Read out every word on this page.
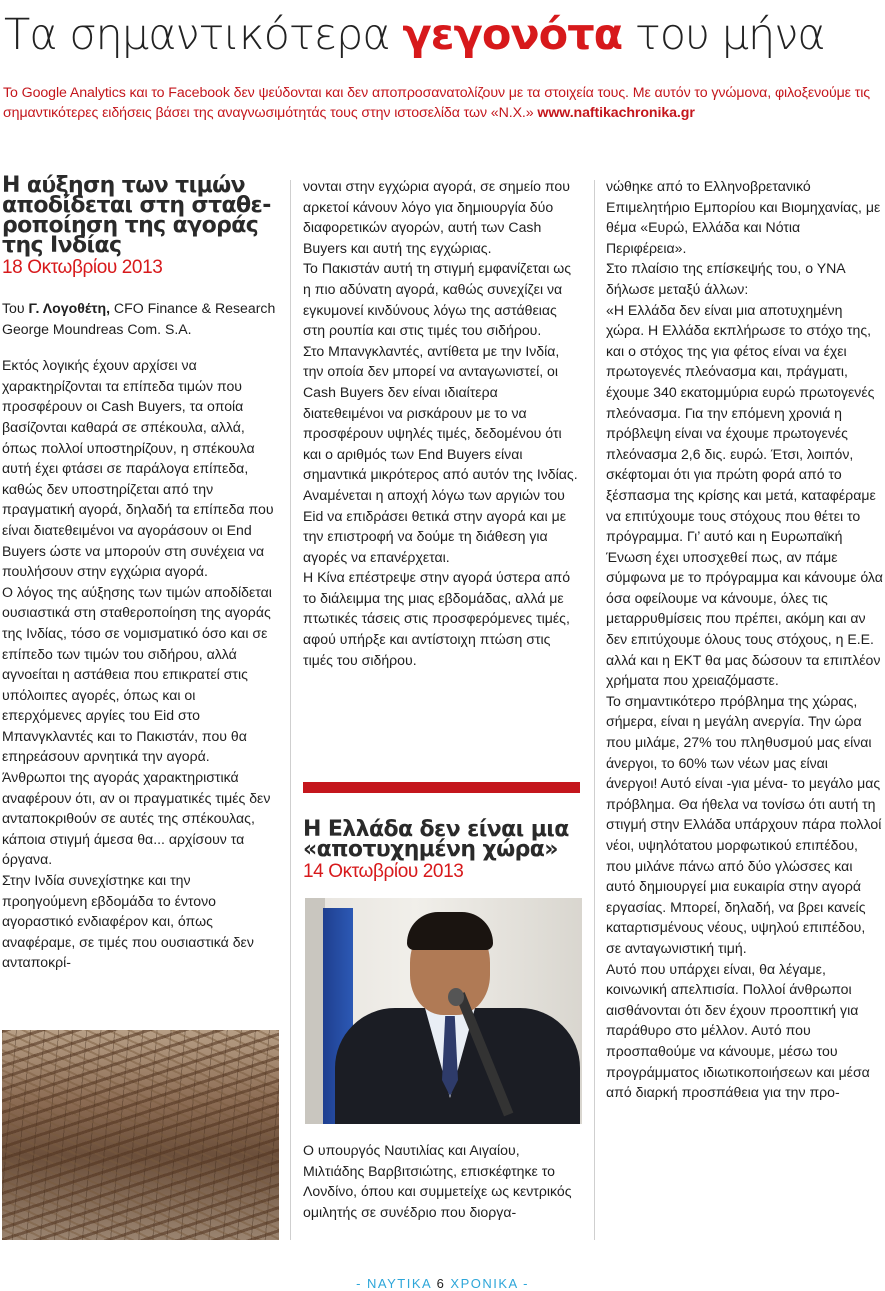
Τα σημαντικότερα γεγονότα του μήνα
Το Google Analytics και το Facebook δεν ψεύδονται και δεν αποπροσανατολίζουν με τα στοιχεία τους. Με αυτόν το γνώμονα, φιλοξενούμε τις σημαντικότερες ειδήσεις βάσει της αναγνωσιμότητάς τους στην ιστοσελίδα των «Ν.Χ.» www.naftikachronika.gr
Η αύξηση των τιμών αποδίδεται στη σταθε-ροποίηση της αγοράς της Ινδίας
18 Οκτωβρίου 2013

Του Γ. Λογοθέτη, CFO Finance & Research George Moundreas Com. S.A.

Εκτός λογικής έχουν αρχίσει να χαρακτηρίζονται τα επίπεδα τιμών που προσφέρουν οι Cash Buyers, τα οποία βασίζονται καθαρά σε σπέκουλα, αλλά, όπως πολλοί υποστηρίζουν, η σπέκουλα αυτή έχει φτάσει σε παράλογα επίπεδα, καθώς δεν υποστηρίζεται από την πραγματική αγορά, δηλαδή τα επίπεδα που είναι διατεθειμένοι να αγοράσουν οι End Buyers ώστε να μπορούν στη συνέχεια να πουλήσουν στην εγχώρια αγορά.

Ο λόγος της αύξησης των τιμών αποδίδεται ουσιαστικά στη σταθεροποίηση της αγοράς της Ινδίας, τόσο σε νομισματικό όσο και σε επίπεδο των τιμών του σιδήρου, αλλά αγνοείται η αστάθεια που επικρατεί στις υπόλοιπες αγορές, όπως και οι επερχόμενες αργίες του Eid στο Μπανγκλαντές και το Πακιστάν, που θα επηρεάσουν αρνητικά την αγορά.

Άνθρωποι της αγοράς χαρακτηριστικά αναφέρουν ότι, αν οι πραγματικές τιμές δεν ανταποκριθούν σε αυτές της σπέκουλας, κάποια στιγμή άμεσα θα... αρχίσουν τα όργανα.

Στην Ινδία συνεχίστηκε και την προηγούμενη εβδομάδα το έντονο αγοραστικό ενδιαφέρον και, όπως αναφέραμε, σε τιμές που ουσιαστικά δεν ανταποκρί-

νονται στην εγχώρια αγορά, σε σημείο που αρκετοί κάνουν λόγο για δημιουργία δύο διαφορετικών αγορών, αυτή των Cash Buyers και αυτή της εγχώριας.

Το Πακιστάν αυτή τη στιγμή εμφανίζεται ως η πιο αδύνατη αγορά, καθώς συνεχίζει να εγκυμονεί κινδύνους λόγω της αστάθειας στη ρουπία και στις τιμές του σιδήρου.

Στο Μπανγκλαντές, αντίθετα με την Ινδία, την οποία δεν μπορεί να ανταγωνιστεί, οι Cash Buyers δεν είναι ιδιαίτερα διατεθειμένοι να ρισκάρουν με το να προσφέρουν υψηλές τιμές, δεδομένου ότι και ο αριθμός των End Buyers είναι σημαντικά μικρότερος από αυτόν της Ινδίας. Αναμένεται η αποχή λόγω των αργιών του Eid να επιδράσει θετικά στην αγορά και με την επιστροφή να δούμε τη διάθεση για αγορές να επανέρχεται.

Η Κίνα επέστρεψε στην αγορά ύστερα από το διάλειμμα της μιας εβδομάδας, αλλά με πτωτικές τάσεις στις προσφερόμενες τιμές, αφού υπήρξε και αντίστοιχη πτώση στις τιμές του σιδήρου.

Η Ελλάδα δεν είναι μια «αποτυχημένη χώρα»
14 Οκτωβρίου 2013

Ο υπουργός Ναυτιλίας και Αιγαίου, Μιλτιάδης Βαρβιτσιώτης, επισκέφτηκε το Λονδίνο, όπου και συμμετείχε ως κεντρικός ομιλητής σε συνέδριο που διοργα-

νώθηκε από το Ελληνοβρετανικό Επιμελητήριο Εμπορίου και Βιομηχανίας, με θέμα «Ευρώ, Ελλάδα και Νότια Περιφέρεια».

Στο πλαίσιο της επίσκεψής του, ο ΥΝΑ δήλωσε μεταξύ άλλων:

«Η Ελλάδα δεν είναι μια αποτυχημένη χώρα. Η Ελλάδα εκπλήρωσε το στόχο της, και ο στόχος της για φέτος είναι να έχει πρωτογενές πλεόνασμα και, πράγματι, έχουμε 340 εκατομμύρια ευρώ πρωτογενές πλεόνασμα. Για την επόμενη χρονιά η πρόβλεψη είναι να έχουμε πρωτογενές πλεόνασμα 2,6 δις. ευρώ. Έτσι, λοιπόν, σκέφτομαι ότι για πρώτη φορά από το ξέσπασμα της κρίσης και μετά, καταφέραμε να επιτύχουμε τους στόχους που θέτει το πρόγραμμα. Γι’ αυτό και η Ευρωπαϊκή Ένωση έχει υποσχεθεί πως, αν πάμε σύμφωνα με το πρόγραμμα και κάνουμε όλα όσα οφείλουμε να κάνουμε, όλες τις μεταρρυθμίσεις που πρέπει, ακόμη και αν δεν επιτύχουμε όλους τους στόχους, η Ε.Ε. αλλά και η ΕΚΤ θα μας δώσουν τα επιπλέον χρήματα που χρειαζόμαστε.

Το σημαντικότερο πρόβλημα της χώρας, σήμερα, είναι η μεγάλη ανεργία. Την ώρα που μιλάμε, 27% του πληθυσμού μας είναι άνεργοι, το 60% των νέων μας είναι άνεργοι! Αυτό είναι -για μένα- το μεγάλο μας πρόβλημα. Θα ήθελα να τονίσω ότι αυτή τη στιγμή στην Ελλάδα υπάρχουν πάρα πολλοί νέοι, υψηλότατου μορφωτικού επιπέδου, που μιλάνε πάνω από δύο γλώσσες και αυτό δημιουργεί μια ευκαιρία στην αγορά εργασίας. Μπορεί, δηλαδή, να βρει κανείς καταρτισμένους νέους, υψηλού επιπέδου, σε ανταγωνιστική τιμή.

Αυτό που υπάρχει είναι, θα λέγαμε, κοινωνική απελπισία. Πολλοί άνθρωποι αισθάνονται ότι δεν έχουν προοπτική για παράθυρο στο μέλλον. Αυτό που προσπαθούμε να κάνουμε, μέσω του προγράμματος ιδιωτικοποιήσεων και μέσα από διαρκή προσπάθεια για την προ-

- ΝΑΥΤΙΚΑ 6 ΧΡΟΝΙΚΑ -
